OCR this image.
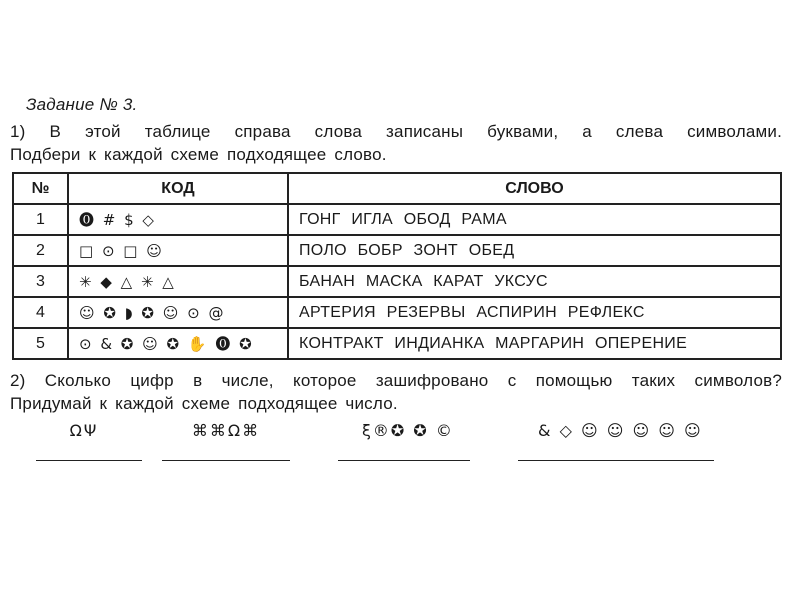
Задание № 3.
1) В этой таблице справа слова записаны буквами, а слева символами.
Подбери к каждой схеме подходящее слово.
№	КОД	СЛОВО
1	⓿ # $ ◇	ГОНГ ИГЛА ОБОД РАМА
2	□ ⊙ □ ☺	ПОЛО БОБР ЗОНТ ОБЕД
3	✳ ◆ △ ✳ △	БАНАН МАСКА КАРАТ УКСУС
4	☺ ✪ ◗ ✪ ☺ ⊙ @	АРТЕРИЯ РЕЗЕРВЫ АСПИРИН РЕФЛЕКС
5	⊙ & ✪ ☺ ✪ ✋ ⓿ ✪	КОНТРАКТ ИНДИАНКА МАРГАРИН ОПЕРЕНИЕ
2) Сколько цифр в числе, которое зашифровано с помощью таких символов?
Придумай к каждой схеме подходящее число.
ΩΨ	⌘⌘Ω⌘	ξ®✪ ✪ ©	& ◇ ☺ ☺ ☺ ☺ ☺
